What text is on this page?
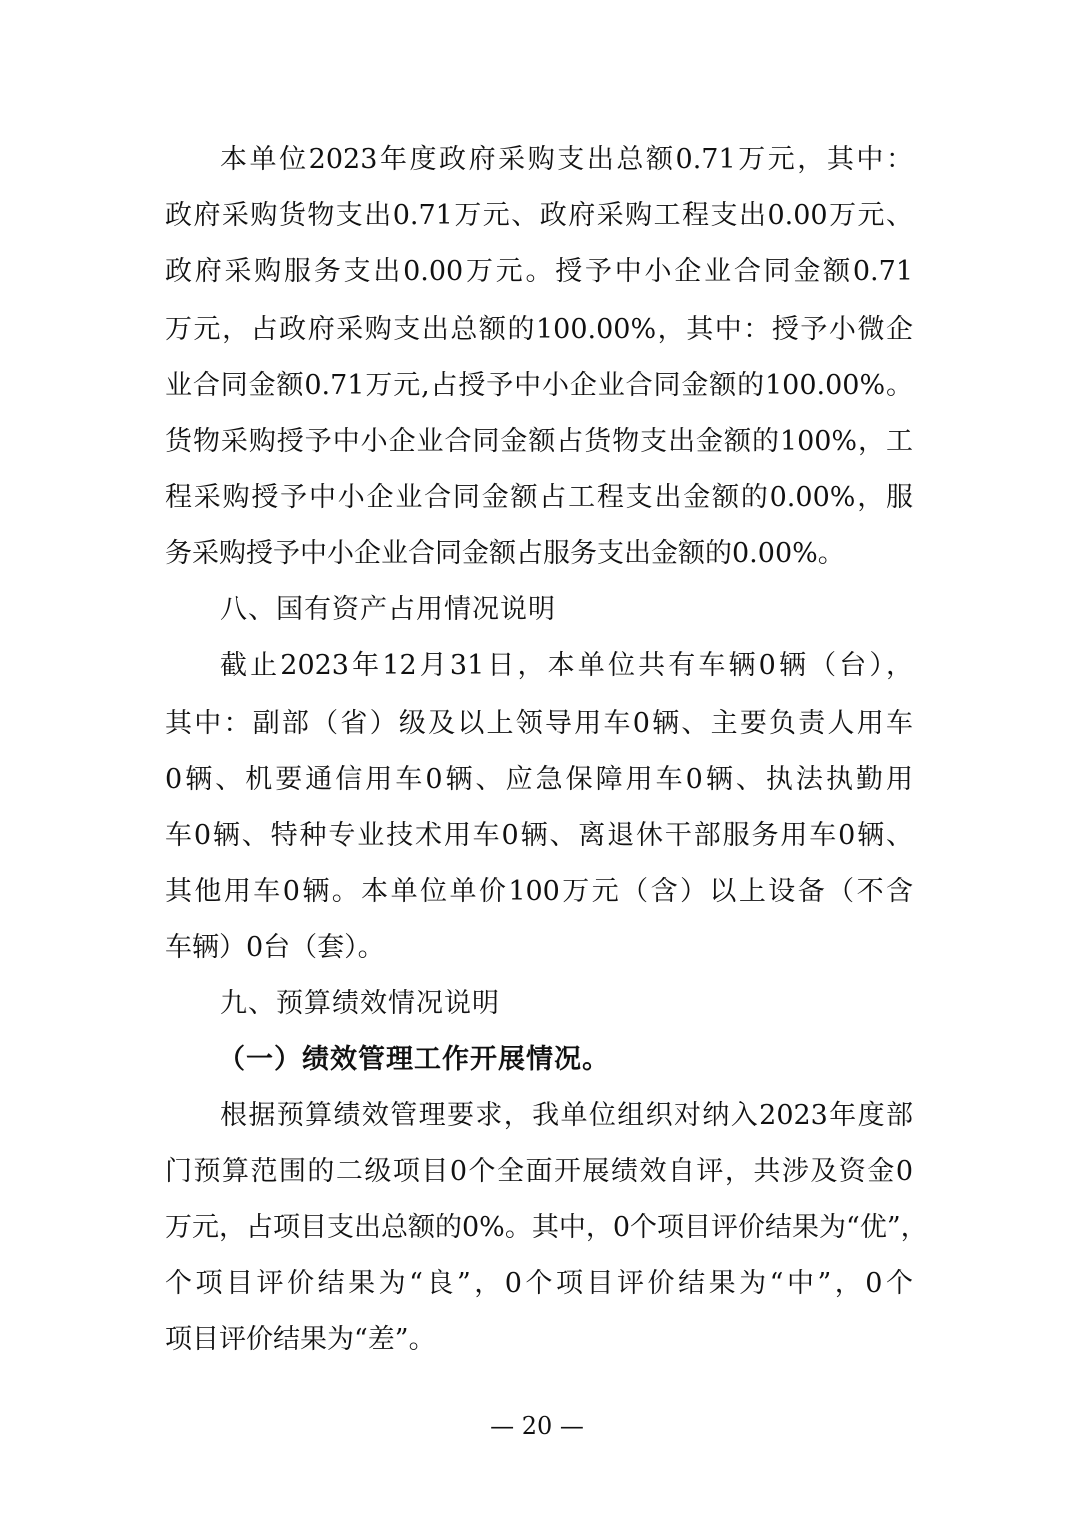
本单位2023年度政府采购支出总额0.71万元，其中：
政府采购货物支出0.71万元、政府采购工程支出0.00万元、
政府采购服务支出0.00万元。授予中小企业合同金额0.71
万元，占政府采购支出总额的100.00%，其中：授予小微企
业合同金额0.71万元,占授予中小企业合同金额的100.00%。
货物采购授予中小企业合同金额占货物支出金额的100%，工
程采购授予中小企业合同金额占工程支出金额的0.00%，服
务采购授予中小企业合同金额占服务支出金额的0.00%。
八、国有资产占用情况说明
截止2023年12月31日，本单位共有车辆0辆（台），
其中：副部（省）级及以上领导用车0辆、主要负责人用车
0辆、机要通信用车0辆、应急保障用车0辆、执法执勤用
车0辆、特种专业技术用车0辆、离退休干部服务用车0辆、
其他用车0辆。本单位单价100万元（含）以上设备（不含
车辆）0台（套）。
九、预算绩效情况说明
（一）绩效管理工作开展情况。
根据预算绩效管理要求，我单位组织对纳入2023年度部
门预算范围的二级项目0个全面开展绩效自评，共涉及资金0
万元，占项目支出总额的0%。其中，0个项目评价结果为“优”，
个项目评价结果为“良”，0个项目评价结果为“中”，0个
项目评价结果为“差”。
— 20 —
